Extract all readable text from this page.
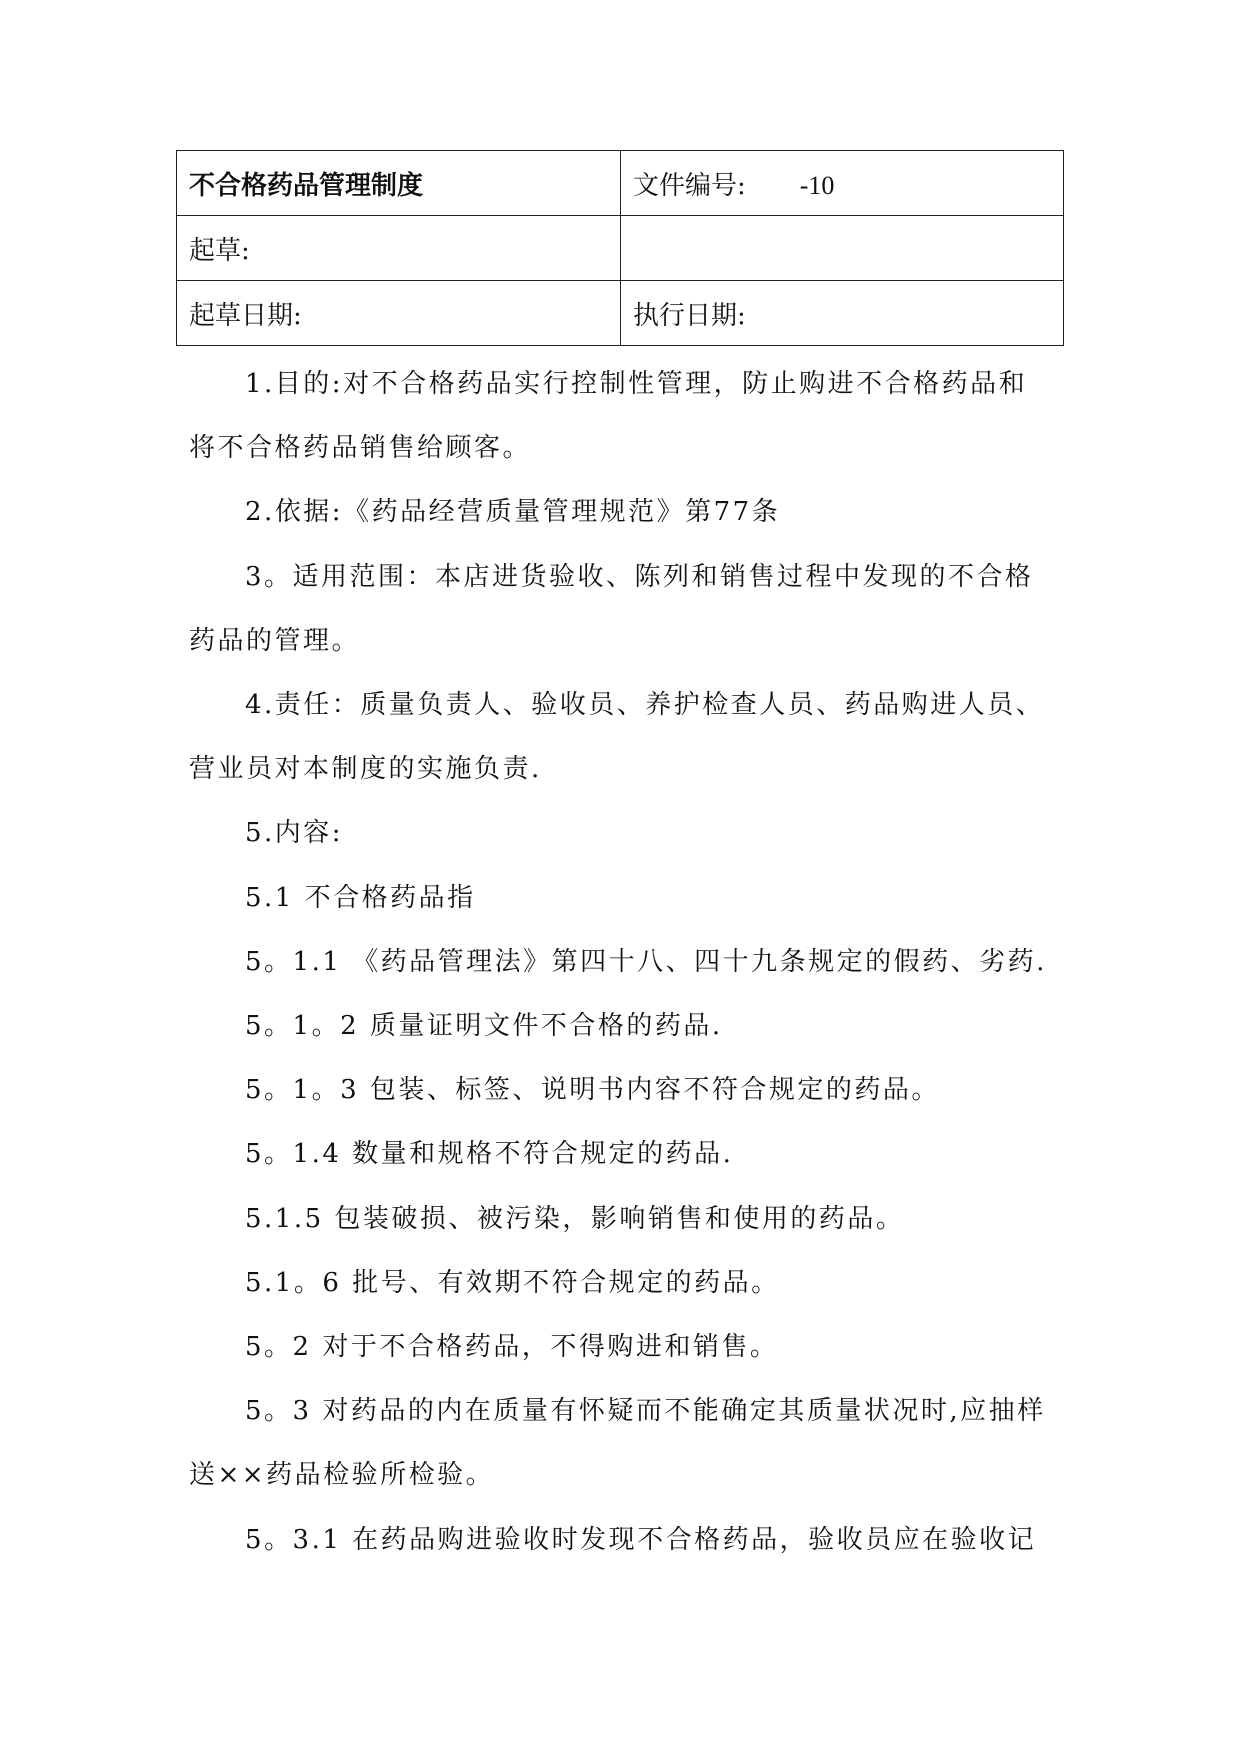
不合格药品管理制度	文件编号: -10
起草:	
起草日期:	执行日期:

1.目的:对不合格药品实行控制性管理，防止购进不合格药品和

将不合格药品销售给顾客。

2.依据:《药品经营质量管理规范》第77条

3。适用范围：本店进货验收、陈列和销售过程中发现的不合格

药品的管理。

4.责任：质量负责人、验收员、养护检查人员、药品购进人员、

营业员对本制度的实施负责.

5.内容:

5.1 不合格药品指

5。1.1 《药品管理法》第四十八、四十九条规定的假药、劣药.

5。1。2 质量证明文件不合格的药品.

5。1。3 包装、标签、说明书内容不符合规定的药品。

5。1.4 数量和规格不符合规定的药品.

5.1.5 包装破损、被污染，影响销售和使用的药品。

5.1。6 批号、有效期不符合规定的药品。

5。2 对于不合格药品，不得购进和销售。

5。3 对药品的内在质量有怀疑而不能确定其质量状况时,应抽样

送××药品检验所检验。

5。3.1 在药品购进验收时发现不合格药品，验收员应在验收记
